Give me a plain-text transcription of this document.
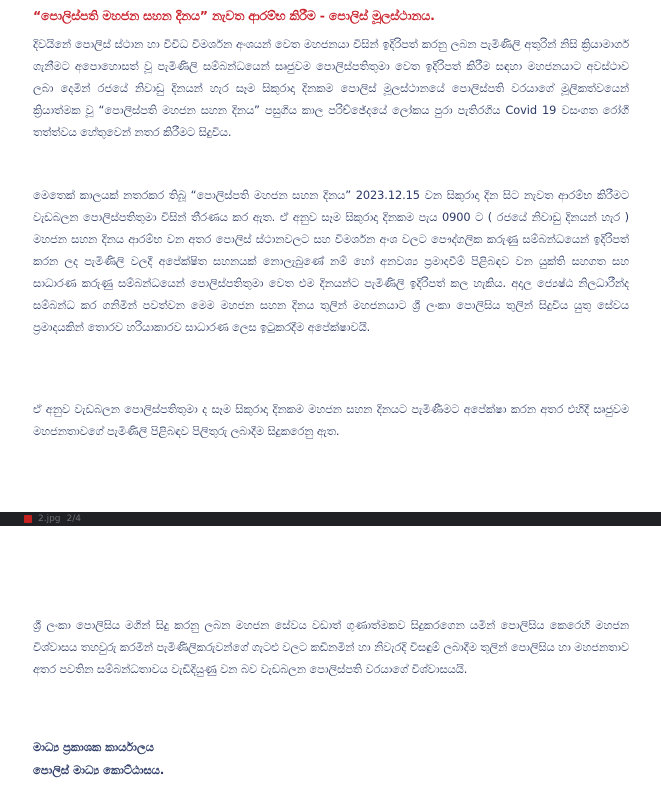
“පොලිස්පති මහජන සහන දිනය” නැවත ආරම්භ කිරීම - පොලිස් මූලස්ථානය.

දිවයිනේ පොලිස් ස්ථාන හා විවිධ විමර්ශන අංශයන් වෙත මහජනයා විසින් ඉදිරිපත් කරනු ලබන පැමිණිලි අතුරින් නිසි ක්‍රියාමාර්ග ගැනීමට අපොහොසත් වූ පැමිණිලි සම්බන්ධයෙන් සෘජුවම පොලිස්පතිතුමා වෙත ඉදිරිපත් කිරීම සඳහා මහජනයාට අවස්ථාව ලබා දෙමින් රජයේ නිවාඩු දිනයන් හැර සෑම සිකුරාදා දිනකම පොලිස් මූලස්ථානයේ පොලිස්පති වරයාගේ මූලිකත්වයෙන් ක්‍රියාත්මක වූ “පොලිස්පති මහජන සහන දිනය” පසුගිය කාල පරිච්ඡේදයේ ලෝකය පුරා පැතිරගිය Covid 19 වසංගත රෝගී තත්ත්වය හේතුවෙන් නතර කිරීමට සිදුවිය.

මෙතෙක් කාලයක් නතරකර තිබූ “පොලිස්පති මහජන සහන දිනය” 2023.12.15 වන සිකුරාදා දින සිට නැවත ආරම්භ කිරීමට වැඩබලන පොලිස්පතිතුමා විසින් තීරණය කර ඇත. ඒ අනුව සෑම සිකුරාදා දිනකම පැය 0900 ට ( රජයේ නිවාඩු දිනයන් හැර ) මහජන සහන දිනය ආරම්භ වන අතර පොලිස් ස්ථානවලට සහ විමර්ශන අංශ වලට පෞද්ගලික කරුණු සම්බන්ධයෙන් ඉදිරිපත් කරන ලද පැමිණිලි වලදී අපේක්ෂිත සහනයක් නොලැබුණේ නම් හෝ අනවශ්‍ය ප්‍රමාදවීම් පිළිබඳව වන යුක්ති සහගත සහ සාධාරණ කරුණු සම්බන්ධයෙන් පොලිස්පතිතුමා වෙත එම දිනයන්ට පැමිණිලි ඉදිරිපත් කල හැකිය. අදාල ජ්‍යෙෂ්ඨ නිලධාරීන්ද සම්බන්ධ කර ගනිමින් පවත්වන මෙම මහජන සහන දිනය තුලින් මහජනයාට ශ්‍රී ලංකා පොලිසිය තුලින් සිදුවිය යුතු සේවය ප්‍රමාදයකින් තොරව හරියාකාරව සාධාරණ ලෙස ඉටුකරදීම අපේක්ෂාවයි.

ඒ අනුව වැඩබලන පොලිස්පතිතුමා ද සෑම සිකුරාදා දිනකම මහජන සහන දිනයට පැමිණීමට අපේක්ෂා කරන අතර එහිදී සෘජුවම මහජනතාවගේ පැමිණිලි පිළිබඳව පිලිතුරු ලබාදීම සිදුකරෙනු ඇත.

2.jpg 2/4

ශ්‍රී ලංකා පොලිසිය මගින් සිදු කරනු ලබන මහජන සේවය වඩාත් ගුණාත්මකව සිදුකරගෙන යමින් පොලිසිය කෙරෙහි මහජන විශ්වාසය තහවුරු කරමින් පැමිණිලිකරුවන්ගේ ගැටළු වලට කඩිනමින් හා නිවැරදි විසඳුම් ලබාදීම තුලින් පොලිසිය හා මහජනතාව අතර පවතින සම්බන්ධතාවය වැඩිදියුණු වන බව වැඩබලන පොලිස්පති වරයාගේ විශ්වාසයයි.

මාධ්‍ය ප්‍රකාශක කාර්යාලය

පොලිස් මාධ්‍ය කොට්ඨාසය.
